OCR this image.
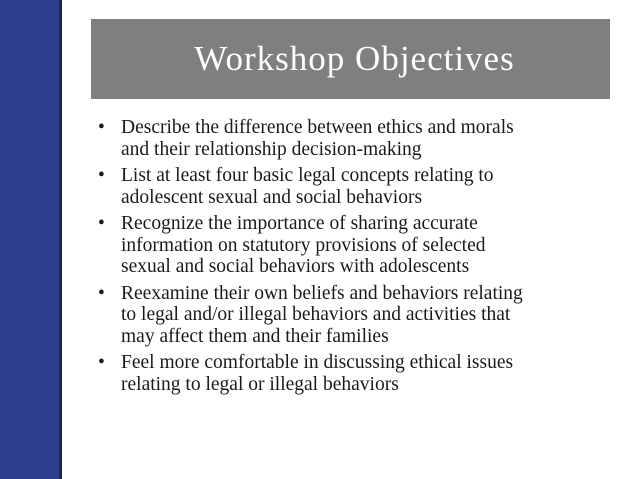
Workshop Objectives
• Describe the difference between ethics and morals
and their relationship decision-making
• List at least four basic legal concepts relating to
adolescent sexual and social behaviors
• Recognize the importance of sharing accurate
information on statutory provisions of selected
sexual and social behaviors with adolescents
• Reexamine their own beliefs and behaviors relating
to legal and/or illegal behaviors and activities that
may affect them and their families
• Feel more comfortable in discussing ethical issues
relating to legal or illegal behaviors
